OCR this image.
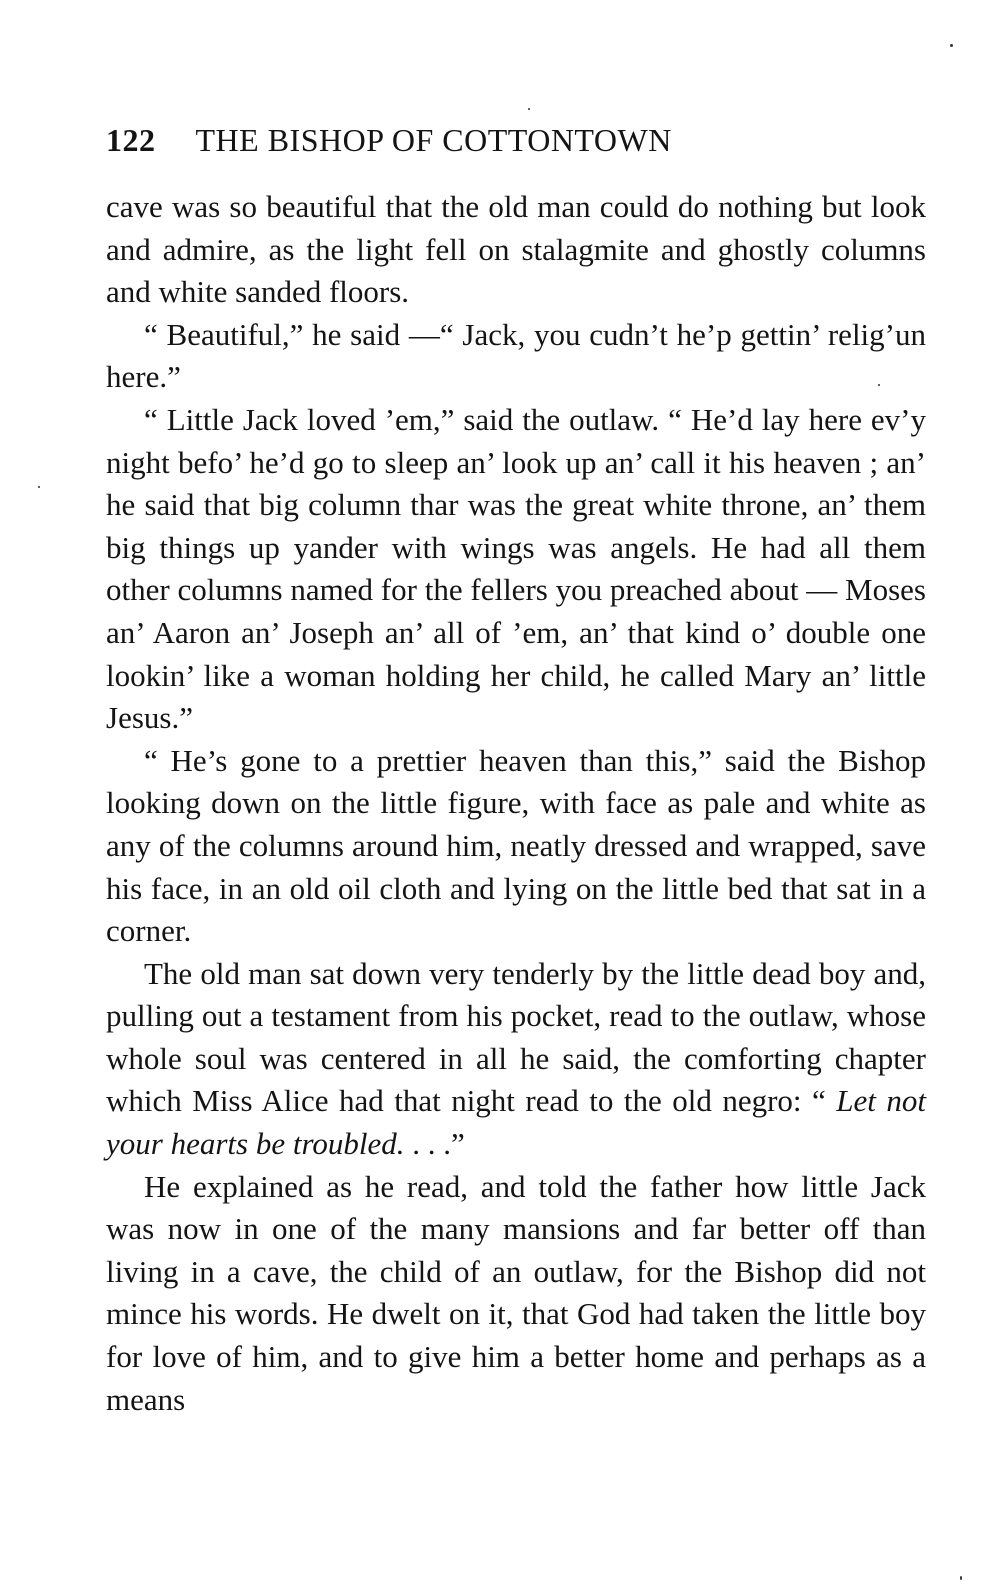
122 THE BISHOP OF COTTONTOWN

cave was so beautiful that the old man could do nothing but look and admire, as the light fell on stalagmite and ghostly columns and white sanded floors.

“ Beautiful,” he said —“ Jack, you cudn’t he’p gettin’ relig’un here.”

“ Little Jack loved ’em,” said the outlaw. “ He’d lay here ev’y night befo’ he’d go to sleep an’ look up an’ call it his heaven ; an’ he said that big column thar was the great white throne, an’ them big things up yander with wings was angels. He had all them other columns named for the fellers you preached about — Moses an’ Aaron an’ Joseph an’ all of ’em, an’ that kind o’ double one lookin’ like a woman holding her child, he called Mary an’ little Jesus.”

“ He’s gone to a prettier heaven than this,” said the Bishop looking down on the little figure, with face as pale and white as any of the columns around him, neatly dressed and wrapped, save his face, in an old oil cloth and lying on the little bed that sat in a corner.

The old man sat down very tenderly by the little dead boy and, pulling out a testament from his pocket, read to the outlaw, whose whole soul was centered in all he said, the comforting chapter which Miss Alice had that night read to the old negro: “ Let not your hearts be troubled. . . .”

He explained as he read, and told the father how little Jack was now in one of the many mansions and far better off than living in a cave, the child of an outlaw, for the Bishop did not mince his words. He dwelt on it, that God had taken the little boy for love of him, and to give him a better home and perhaps as a means
